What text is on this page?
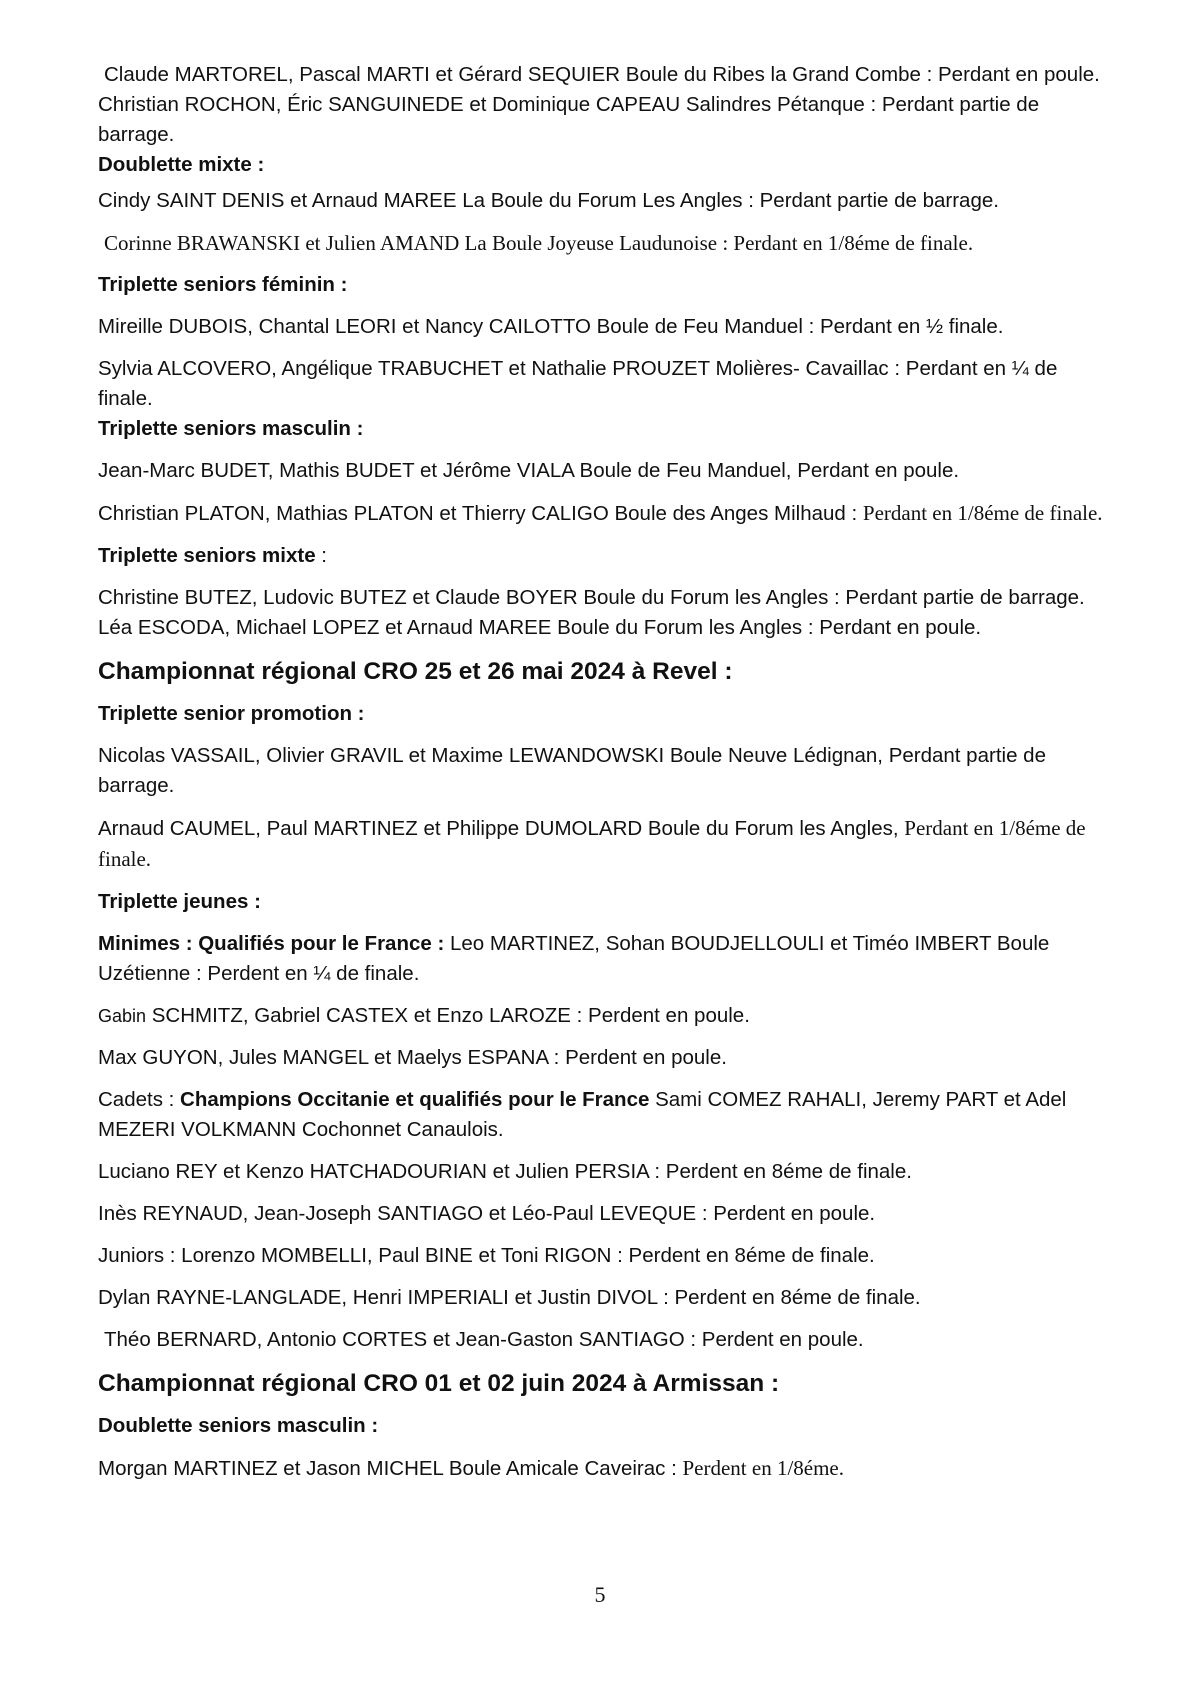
Claude MARTOREL, Pascal MARTI et Gérard SEQUIER Boule du Ribes la Grand Combe : Perdant en poule.

Christian ROCHON, Éric SANGUINEDE et Dominique CAPEAU Salindres Pétanque : Perdant partie de barrage.

Doublette mixte :

Cindy SAINT DENIS et Arnaud MAREE La Boule du Forum Les Angles : Perdant partie de barrage.

Corinne BRAWANSKI et Julien AMAND La Boule Joyeuse Laudunoise : Perdant en 1/8éme de finale.

Triplette seniors féminin :

Mireille DUBOIS, Chantal LEORI et Nancy CAILOTTO Boule de Feu Manduel : Perdant en ½ finale.

Sylvia ALCOVERO, Angélique TRABUCHET et Nathalie PROUZET Molières- Cavaillac : Perdant en ¼ de finale.

Triplette seniors masculin :

Jean-Marc BUDET, Mathis BUDET et Jérôme VIALA Boule de Feu Manduel, Perdant en poule.

Christian PLATON, Mathias PLATON et Thierry CALIGO Boule des Anges Milhaud : Perdant en 1/8éme de finale.

Triplette seniors mixte :

Christine BUTEZ, Ludovic BUTEZ et Claude BOYER Boule du Forum les Angles : Perdant partie de barrage.

Léa ESCODA, Michael LOPEZ et Arnaud MAREE Boule du Forum les Angles : Perdant en poule.

Championnat régional CRO 25 et 26 mai 2024 à Revel :
Triplette senior promotion :

Nicolas VASSAIL, Olivier GRAVIL et Maxime LEWANDOWSKI Boule Neuve Lédignan, Perdant partie de barrage.

Arnaud CAUMEL, Paul MARTINEZ et Philippe DUMOLARD Boule du Forum les Angles, Perdant en 1/8éme de finale.

Triplette jeunes :

Minimes : Qualifiés pour le France : Leo MARTINEZ, Sohan BOUDJELLOULI et Timéo IMBERT Boule Uzétienne : Perdent en ¼ de finale.

Gabin SCHMITZ, Gabriel CASTEX et Enzo LAROZE : Perdent en poule.

Max GUYON, Jules MANGEL et Maelys ESPANA : Perdent en poule.

Cadets : Champions Occitanie et qualifiés pour le France Sami COMEZ RAHALI, Jeremy PART et Adel MEZERI VOLKMANN Cochonnet Canaulois.

Luciano REY et Kenzo HATCHADOURIAN et Julien PERSIA : Perdent en 8éme de finale.

Inès REYNAUD, Jean-Joseph SANTIAGO et Léo-Paul LEVEQUE : Perdent en poule.

Juniors : Lorenzo MOMBELLI, Paul BINE et Toni RIGON : Perdent en 8éme de finale.

Dylan RAYNE-LANGLADE, Henri IMPERIALI et Justin DIVOL : Perdent en 8éme de finale.

Théo BERNARD, Antonio CORTES et Jean-Gaston SANTIAGO : Perdent en poule.

Championnat régional CRO 01 et 02 juin 2024 à Armissan :
Doublette seniors masculin :

Morgan MARTINEZ et Jason MICHEL Boule Amicale Caveirac : Perdent en 1/8éme.

5
